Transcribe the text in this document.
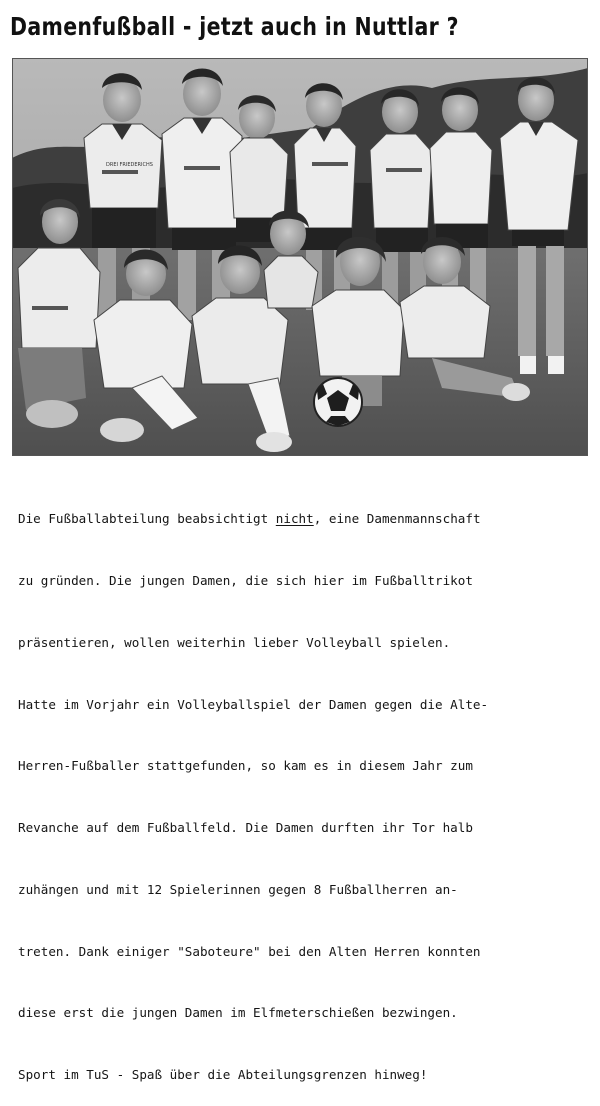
Damenfußball - jetzt auch in Nuttlar ?
DREI FRIEDERICHS

Die Fußballabteilung beabsichtigt nicht, eine Damenmannschaft

zu gründen. Die jungen Damen, die sich hier im Fußballtrikot

präsentieren, wollen weiterhin lieber Volleyball spielen.

Hatte im Vorjahr ein Volleyballspiel der Damen gegen die Alte-

Herren-Fußballer stattgefunden, so kam es in diesem Jahr zum

Revanche auf dem Fußballfeld. Die Damen durften ihr Tor halb

zuhängen und mit 12 Spielerinnen gegen 8 Fußballherren an-

treten. Dank einiger "Saboteure" bei den Alten Herren konnten

diese erst die jungen Damen im Elfmeterschießen bezwingen.

Sport im TuS - Spaß über die Abteilungsgrenzen hinweg!
